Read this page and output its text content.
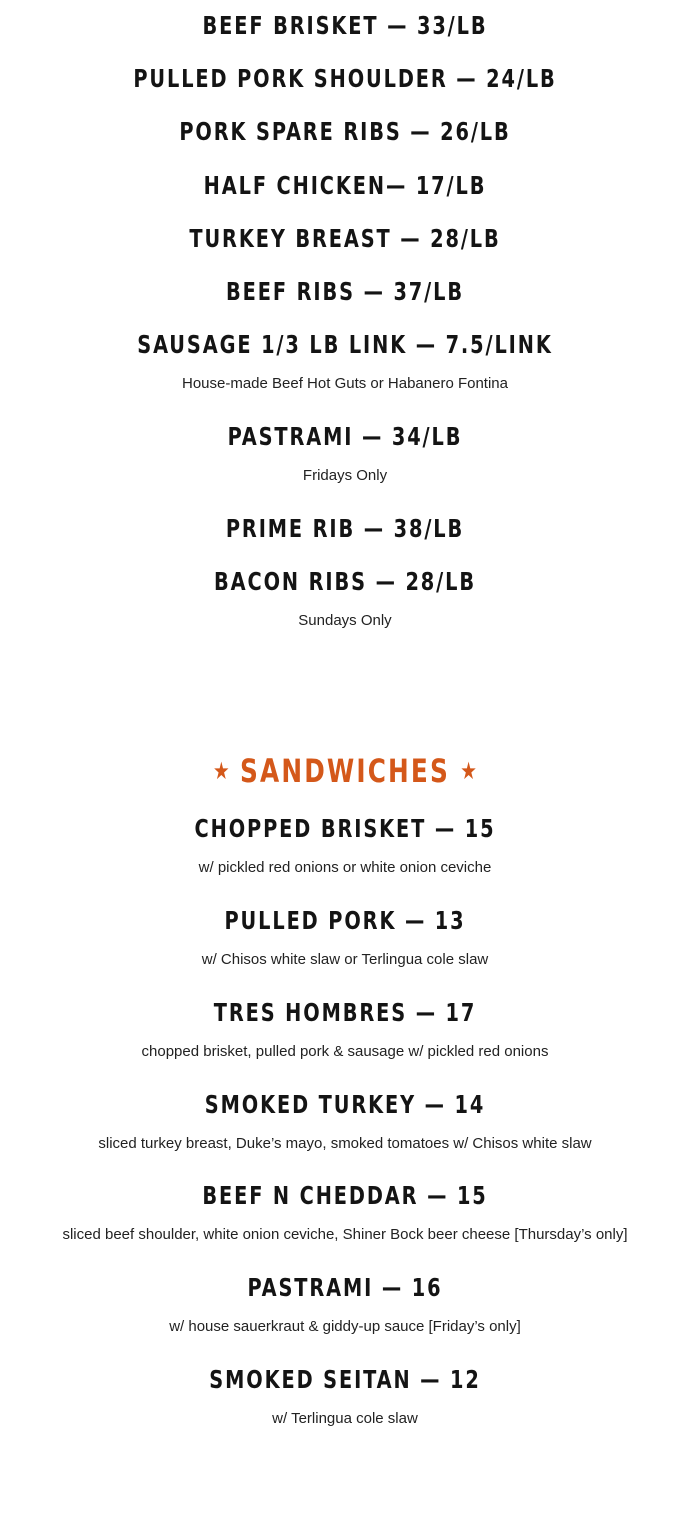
BEEF BRISKET — 33/LB
PULLED PORK SHOULDER — 24/LB
PORK SPARE RIBS — 26/LB
HALF CHICKEN— 17/LB
TURKEY BREAST — 28/LB
BEEF RIBS — 37/LB
SAUSAGE 1/3 LB LINK — 7.5/LINK
House-made Beef Hot Guts or Habanero Fontina
PASTRAMI — 34/LB
Fridays Only
PRIME RIB — 38/LB
BACON RIBS — 28/LB
Sundays Only
★ SANDWICHES ★
CHOPPED BRISKET — 15
w/ pickled red onions or white onion ceviche
PULLED PORK — 13
w/ Chisos white slaw or Terlingua cole slaw
TRES HOMBRES — 17
chopped brisket, pulled pork & sausage w/ pickled red onions
SMOKED TURKEY — 14
sliced turkey breast, Duke’s mayo, smoked tomatoes w/ Chisos white slaw
BEEF N CHEDDAR — 15
sliced beef shoulder, white onion ceviche, Shiner Bock beer cheese [Thursday’s only]
PASTRAMI — 16
w/ house sauerkraut & giddy-up sauce [Friday’s only]
SMOKED SEITAN — 12
w/ Terlingua cole slaw
